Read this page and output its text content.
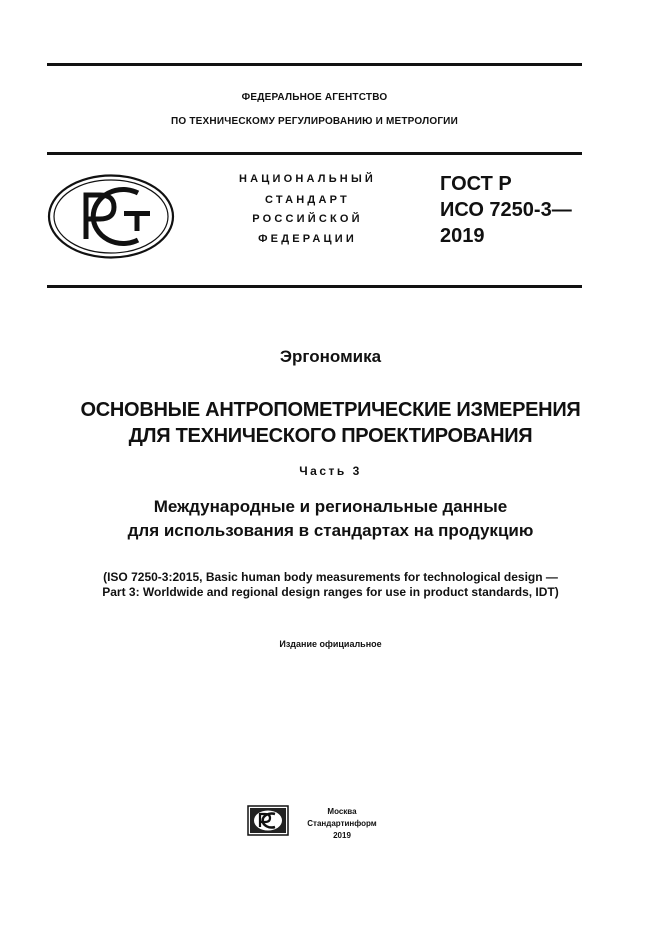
ФЕДЕРАЛЬНОЕ АГЕНТСТВО
ПО ТЕХНИЧЕСКОМУ РЕГУЛИРОВАНИЮ И МЕТРОЛОГИИ
НАЦИОНАЛЬНЫЙ
СТАНДАРТ
РОССИЙСКОЙ
ФЕДЕРАЦИИ
ГОСТ Р
ИСО 7250-3—
2019
Эргономика
ОСНОВНЫЕ АНТРОПОМЕТРИЧЕСКИЕ ИЗМЕРЕНИЯ
ДЛЯ ТЕХНИЧЕСКОГО ПРОЕКТИРОВАНИЯ
Часть 3
Международные и региональные данные
для использования в стандартах на продукцию
(ISO 7250-3:2015, Basic human body measurements for technological design —
Part 3: Worldwide and regional design ranges for use in product standards, IDT)
Издание официальное
Москва
Стандартинформ
2019
